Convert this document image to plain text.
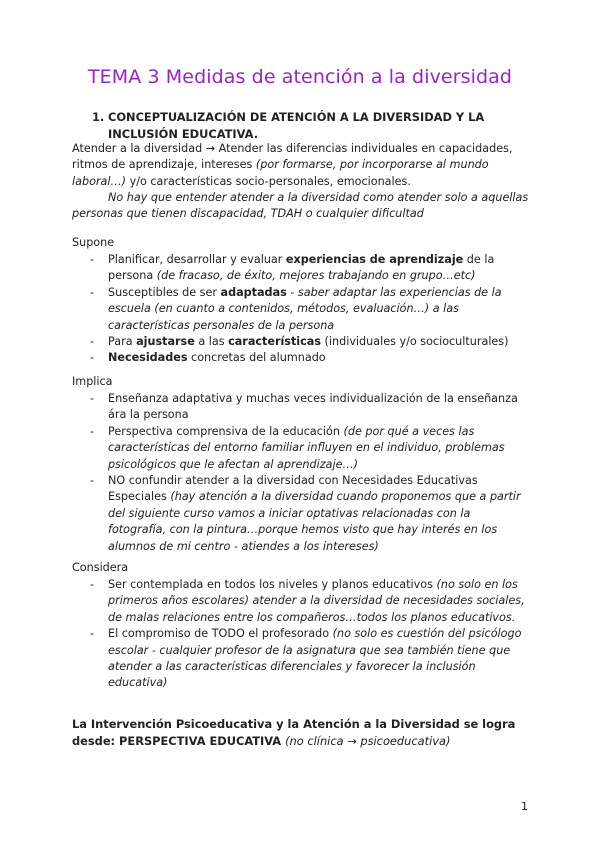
TEMA 3 Medidas de atención a la diversidad
1. CONCEPTUALIZACIÓN DE ATENCIÓN A LA DIVERSIDAD Y LA INCLUSIÓN EDUCATIVA.
Atender a la diversidad → Atender las diferencias individuales en capacidades, ritmos de aprendizaje, intereses (por formarse, por incorporarse al mundo laboral…) y/o características socio-personales, emocionales.
No hay que entender atender a la diversidad como atender solo a aquellas personas que tienen discapacidad, TDAH o cualquier dificultad
Supone
- Planificar, desarrollar y evaluar experiencias de aprendizaje de la persona (de fracaso, de éxito, mejores trabajando en grupo…etc)
- Susceptibles de ser adaptadas - saber adaptar las experiencias de la escuela (en cuanto a contenidos, métodos, evaluación…) a las características personales de la persona
- Para ajustarse a las características (individuales y/o socioculturales)
- Necesidades concretas del alumnado
Implica
- Enseñanza adaptativa y muchas veces individualización de la enseñanza ára la persona
- Perspectiva comprensiva de la educación (de por qué a veces las características del entorno familiar influyen en el individuo, problemas psicológicos que le afectan al aprendizaje…)
- NO confundir atender a la diversidad con Necesidades Educativas Especiales (hay atención a la diversidad cuando proponemos que a partir del siguiente curso vamos a iniciar optativas relacionadas con la fotografía, con la pintura…porque hemos visto que hay interés en los alumnos de mi centro - atiendes a los intereses)
Considera
- Ser contemplada en todos los niveles y planos educativos (no solo en los primeros años escolares) atender a la diversidad de necesidades sociales, de malas relaciones entre los compañeros…todos los planos educativos.
- El compromiso de TODO el profesorado (no solo es cuestión del psicólogo escolar - cualquier profesor de la asignatura que sea también tiene que atender a las características diferenciales y favorecer la inclusión educativa)
La Intervención Psicoeducativa y la Atención a la Diversidad se logra desde: PERSPECTIVA EDUCATIVA (no clínica → psicoeducativa)
1
